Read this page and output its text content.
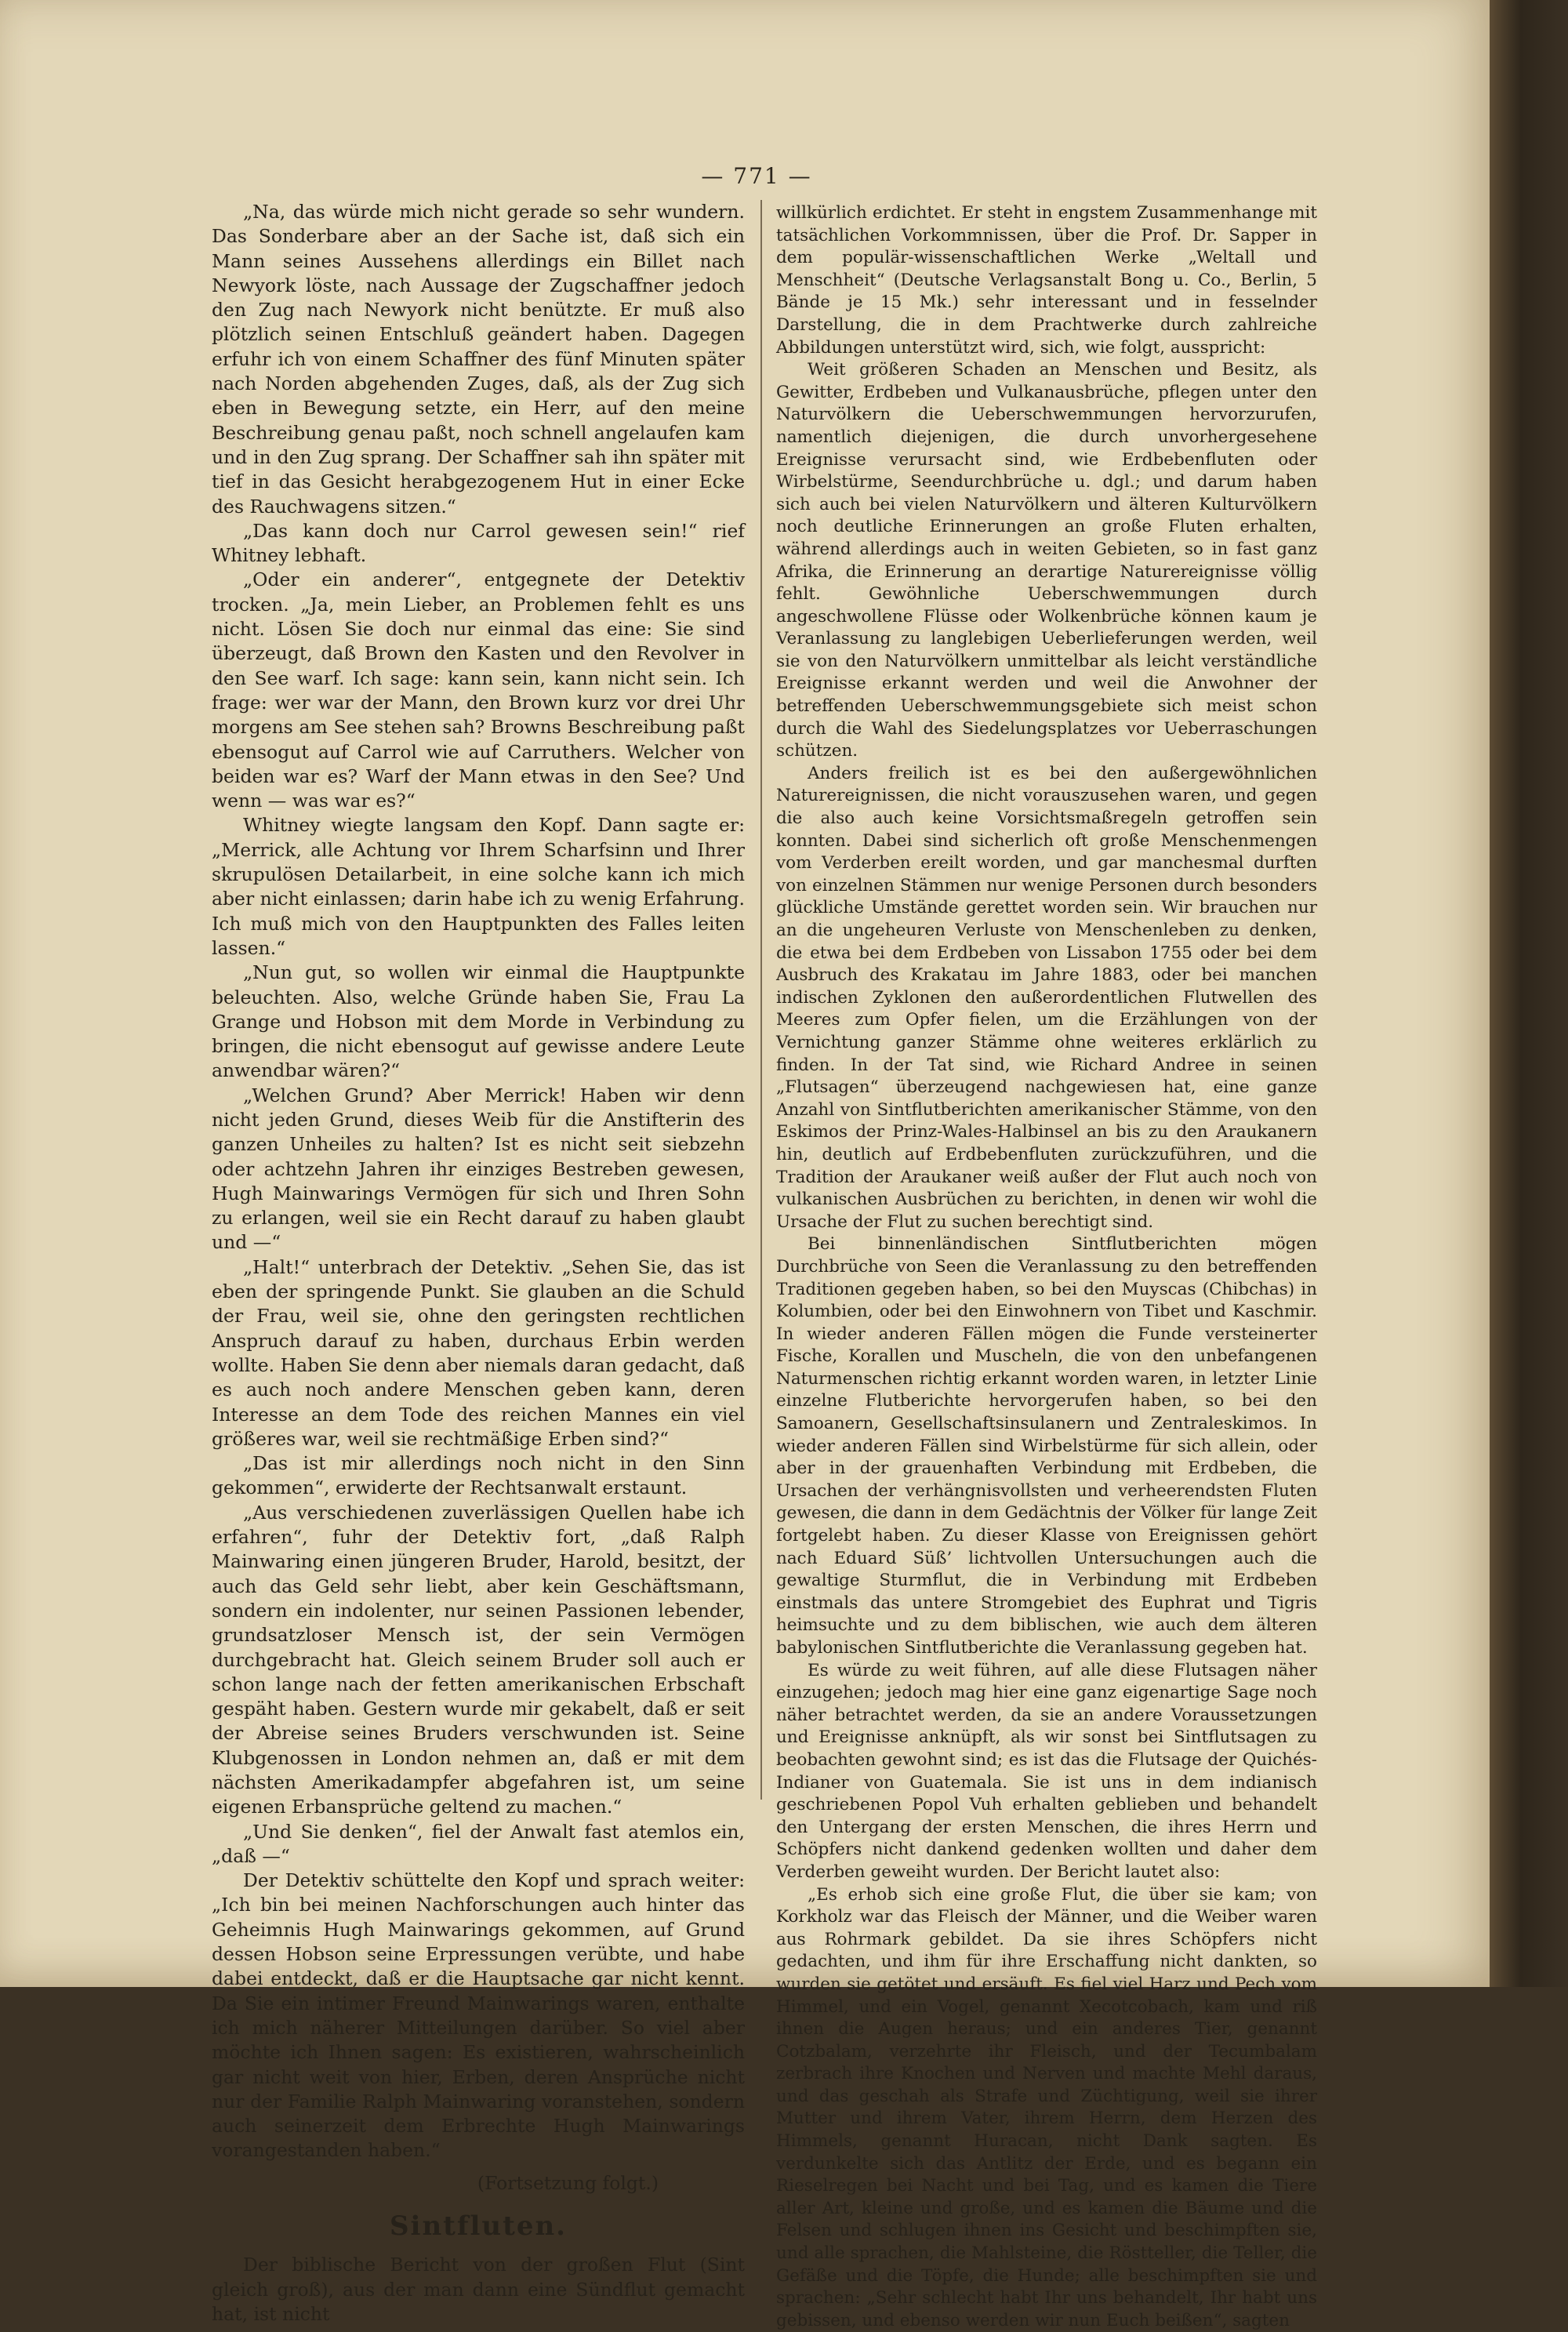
— 771 —

„Na, das würde mich nicht gerade so sehr wundern. Das Sonderbare aber an der Sache ist, daß sich ein Mann seines Aussehens allerdings ein Billet nach Newyork löste, nach Aussage der Zugschaffner jedoch den Zug nach Newyork nicht benützte. Er muß also plötzlich seinen Entschluß geändert haben. Dagegen erfuhr ich von einem Schaffner des fünf Minuten später nach Norden abgehenden Zuges, daß, als der Zug sich eben in Bewegung setzte, ein Herr, auf den meine Beschreibung genau paßt, noch schnell angelaufen kam und in den Zug sprang. Der Schaffner sah ihn später mit tief in das Gesicht herabgezogenem Hut in einer Ecke des Rauchwagens sitzen.“

„Das kann doch nur Carrol gewesen sein!“ rief Whitney lebhaft.

„Oder ein anderer“, entgegnete der Detektiv trocken. „Ja, mein Lieber, an Problemen fehlt es uns nicht. Lösen Sie doch nur einmal das eine: Sie sind überzeugt, daß Brown den Kasten und den Revolver in den See warf. Ich sage: kann sein, kann nicht sein. Ich frage: wer war der Mann, den Brown kurz vor drei Uhr morgens am See stehen sah? Browns Beschreibung paßt ebensogut auf Carrol wie auf Carruthers. Welcher von beiden war es? Warf der Mann etwas in den See? Und wenn — was war es?“

Whitney wiegte langsam den Kopf. Dann sagte er: „Merrick, alle Achtung vor Ihrem Scharfsinn und Ihrer skrupulösen Detailarbeit, in eine solche kann ich mich aber nicht einlassen; darin habe ich zu wenig Erfahrung. Ich muß mich von den Hauptpunkten des Falles leiten lassen.“

„Nun gut, so wollen wir einmal die Hauptpunkte beleuchten. Also, welche Gründe haben Sie, Frau La Grange und Hobson mit dem Morde in Verbindung zu bringen, die nicht ebensogut auf gewisse andere Leute anwendbar wären?“

„Welchen Grund? Aber Merrick! Haben wir denn nicht jeden Grund, dieses Weib für die Anstifterin des ganzen Unheiles zu halten? Ist es nicht seit siebzehn oder achtzehn Jahren ihr einziges Bestreben gewesen, Hugh Mainwarings Vermögen für sich und Ihren Sohn zu erlangen, weil sie ein Recht darauf zu haben glaubt und —“

„Halt!“ unterbrach der Detektiv. „Sehen Sie, das ist eben der springende Punkt. Sie glauben an die Schuld der Frau, weil sie, ohne den geringsten rechtlichen Anspruch darauf zu haben, durchaus Erbin werden wollte. Haben Sie denn aber niemals daran gedacht, daß es auch noch andere Menschen geben kann, deren Interesse an dem Tode des reichen Mannes ein viel größeres war, weil sie rechtmäßige Erben sind?“

„Das ist mir allerdings noch nicht in den Sinn gekommen“, erwiderte der Rechtsanwalt erstaunt.

„Aus verschiedenen zuverlässigen Quellen habe ich erfahren“, fuhr der Detektiv fort, „daß Ralph Mainwaring einen jüngeren Bruder, Harold, besitzt, der auch das Geld sehr liebt, aber kein Geschäftsmann, sondern ein indolenter, nur seinen Passionen lebender, grundsatzloser Mensch ist, der sein Vermögen durchgebracht hat. Gleich seinem Bruder soll auch er schon lange nach der fetten amerikanischen Erbschaft gespäht haben. Gestern wurde mir gekabelt, daß er seit der Abreise seines Bruders verschwunden ist. Seine Klubgenossen in London nehmen an, daß er mit dem nächsten Amerikadampfer abgefahren ist, um seine eigenen Erbansprüche geltend zu machen.“

„Und Sie denken“, fiel der Anwalt fast atemlos ein, „daß —“

Der Detektiv schüttelte den Kopf und sprach weiter: „Ich bin bei meinen Nachforschungen auch hinter das Geheimnis Hugh Mainwarings gekommen, auf Grund dessen Hobson seine Erpressungen verübte, und habe dabei entdeckt, daß er die Hauptsache gar nicht kennt. Da Sie ein intimer Freund Mainwarings waren, enthalte ich mich näherer Mitteilungen darüber. So viel aber möchte ich Ihnen sagen: Es existieren, wahrscheinlich gar nicht weit von hier, Erben, deren Ansprüche nicht nur der Familie Ralph Mainwaring voranstehen, sondern auch seinerzeit dem Erbrechte Hugh Mainwarings vorangestanden haben.“

(Fortsetzung folgt.)
Sintfluten.

Der biblische Bericht von der großen Flut (Sint gleich groß), aus der man dann eine Sündflut gemacht hat, ist nicht

willkürlich erdichtet. Er steht in engstem Zusammenhange mit tatsächlichen Vorkommnissen, über die Prof. Dr. Sapper in dem populär-wissenschaftlichen Werke „Weltall und Menschheit“ (Deutsche Verlagsanstalt Bong u. Co., Berlin, 5 Bände je 15 Mk.) sehr interessant und in fesselnder Darstellung, die in dem Prachtwerke durch zahlreiche Abbildungen unterstützt wird, sich, wie folgt, ausspricht:

Weit größeren Schaden an Menschen und Besitz, als Gewitter, Erdbeben und Vulkanausbrüche, pflegen unter den Naturvölkern die Ueberschwemmungen hervorzurufen, namentlich diejenigen, die durch unvorhergesehene Ereignisse verursacht sind, wie Erdbebenfluten oder Wirbelstürme, Seendurchbrüche u. dgl.; und darum haben sich auch bei vielen Naturvölkern und älteren Kulturvölkern noch deutliche Erinnerungen an große Fluten erhalten, während allerdings auch in weiten Gebieten, so in fast ganz Afrika, die Erinnerung an derartige Naturereignisse völlig fehlt. Gewöhnliche Ueberschwemmungen durch angeschwollene Flüsse oder Wolkenbrüche können kaum je Veranlassung zu langlebigen Ueberlieferungen werden, weil sie von den Naturvölkern unmittelbar als leicht verständliche Ereignisse erkannt werden und weil die Anwohner der betreffenden Ueberschwemmungsgebiete sich meist schon durch die Wahl des Siedelungsplatzes vor Ueberraschungen schützen.

Anders freilich ist es bei den außergewöhnlichen Naturereignissen, die nicht vorauszusehen waren, und gegen die also auch keine Vorsichtsmaßregeln getroffen sein konnten. Dabei sind sicherlich oft große Menschenmengen vom Verderben ereilt worden, und gar manchesmal durften von einzelnen Stämmen nur wenige Personen durch besonders glückliche Umstände gerettet worden sein. Wir brauchen nur an die ungeheuren Verluste von Menschenleben zu denken, die etwa bei dem Erdbeben von Lissabon 1755 oder bei dem Ausbruch des Krakatau im Jahre 1883, oder bei manchen indischen Zyklonen den außerordentlichen Flutwellen des Meeres zum Opfer fielen, um die Erzählungen von der Vernichtung ganzer Stämme ohne weiteres erklärlich zu finden. In der Tat sind, wie Richard Andree in seinen „Flutsagen“ überzeugend nachgewiesen hat, eine ganze Anzahl von Sintflutberichten amerikanischer Stämme, von den Eskimos der Prinz-Wales-Halbinsel an bis zu den Araukanern hin, deutlich auf Erdbebenfluten zurückzuführen, und die Tradition der Araukaner weiß außer der Flut auch noch von vulkanischen Ausbrüchen zu berichten, in denen wir wohl die Ursache der Flut zu suchen berechtigt sind.

Bei binnenländischen Sintflutberichten mögen Durchbrüche von Seen die Veranlassung zu den betreffenden Traditionen gegeben haben, so bei den Muyscas (Chibchas) in Kolumbien, oder bei den Einwohnern von Tibet und Kaschmir. In wieder anderen Fällen mögen die Funde versteinerter Fische, Korallen und Muscheln, die von den unbefangenen Naturmenschen richtig erkannt worden waren, in letzter Linie einzelne Flutberichte hervorgerufen haben, so bei den Samoanern, Gesellschaftsinsulanern und Zentraleskimos. In wieder anderen Fällen sind Wirbelstürme für sich allein, oder aber in der grauenhaften Verbindung mit Erdbeben, die Ursachen der verhängnisvollsten und verheerendsten Fluten gewesen, die dann in dem Gedächtnis der Völker für lange Zeit fortgelebt haben. Zu dieser Klasse von Ereignissen gehört nach Eduard Süß’ lichtvollen Untersuchungen auch die gewaltige Sturmflut, die in Verbindung mit Erdbeben einstmals das untere Stromgebiet des Euphrat und Tigris heimsuchte und zu dem biblischen, wie auch dem älteren babylonischen Sintflutberichte die Veranlassung gegeben hat.

Es würde zu weit führen, auf alle diese Flutsagen näher einzugehen; jedoch mag hier eine ganz eigenartige Sage noch näher betrachtet werden, da sie an andere Voraussetzungen und Ereignisse anknüpft, als wir sonst bei Sintflutsagen zu beobachten gewohnt sind; es ist das die Flutsage der Quichés-Indianer von Guatemala. Sie ist uns in dem indianisch geschriebenen Popol Vuh erhalten geblieben und behandelt den Untergang der ersten Menschen, die ihres Herrn und Schöpfers nicht dankend gedenken wollten und daher dem Verderben geweiht wurden. Der Bericht lautet also:

„Es erhob sich eine große Flut, die über sie kam; von Korkholz war das Fleisch der Männer, und die Weiber waren aus Rohrmark gebildet. Da sie ihres Schöpfers nicht gedachten, und ihm für ihre Erschaffung nicht dankten, so wurden sie getötet und ersäuft. Es fiel viel Harz und Pech vom Himmel, und ein Vogel, genannt Xecotcobach, kam und riß ihnen die Augen heraus; und ein anderes Tier, genannt Cotzbalam, verzehrte ihr Fleisch, und der Tecumbalam zerbrach ihre Knochen und Nerven und machte Mehl daraus, und das geschah als Strafe und Züchtigung, weil sie ihrer Mutter und ihrem Vater, ihrem Herrn, dem Herzen des Himmels, genannt Huracan, nicht Dank sagten. Es verdunkelte sich das Antlitz der Erde, und es begann ein Rieselregen bei Nacht und bei Tag, und es kamen die Tiere aller Art, kleine und große, und es kamen die Bäume und die Felsen und schlugen ihnen ins Gesicht und beschimpften sie, und alle sprachen, die Mahlsteine, die Röstteller, die Teller, die Gefäße und die Töpfe, die Hunde; alle beschimpften sie und sprachen: „Sehr schlecht habt Ihr uns behandelt, Ihr habt uns gebissen, und ebenso werden wir nun Euch beißen“, sagten
